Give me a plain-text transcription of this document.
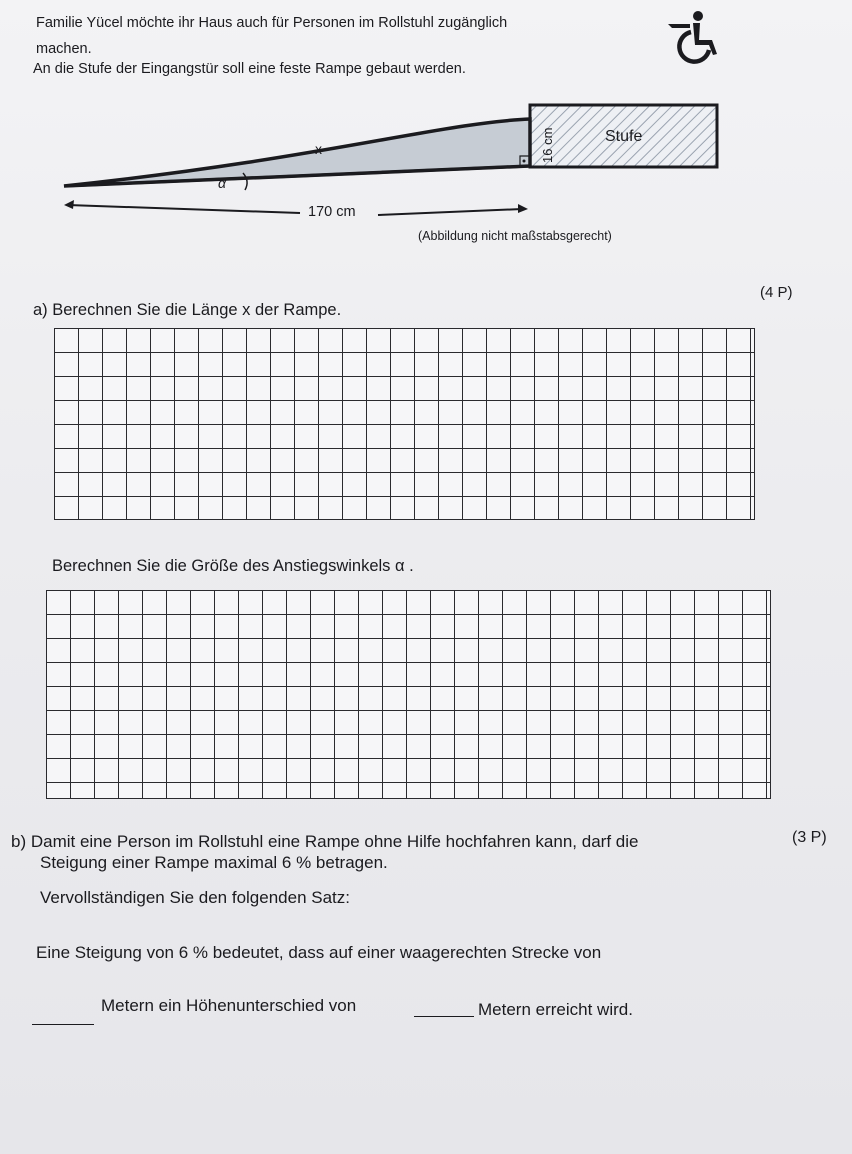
Familie Yücel möchte ihr Haus auch für Personen im Rollstuhl zugänglich
machen.
An die Stufe der Eingangstür soll eine feste Rampe gebaut werden.
x
α
16 cm	Stufe
170 cm
(Abbildung nicht maßstabsgerecht)
(4 P)
a) Berechnen Sie die Länge x der Rampe.
Berechnen Sie die Größe des Anstiegswinkels α .
b) Damit eine Person im Rollstuhl eine Rampe ohne Hilfe hochfahren kann, darf die	(3 P)
Steigung einer Rampe maximal 6 % betragen.
Vervollständigen Sie den folgenden Satz:
Eine Steigung von 6 % bedeutet, dass auf einer waagerechten Strecke von
Metern ein Höhenunterschied von	Metern erreicht wird.
